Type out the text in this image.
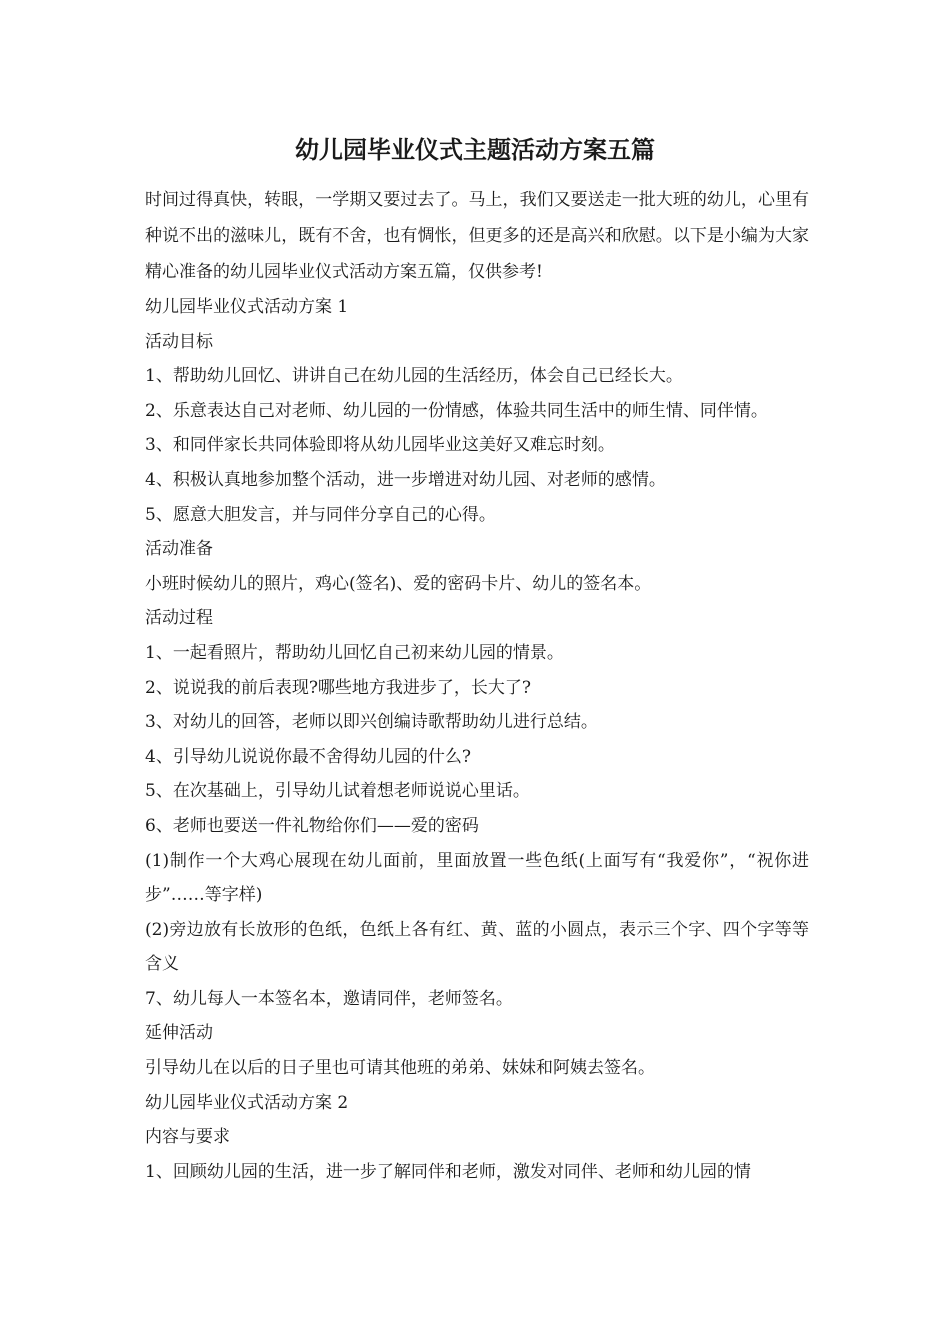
幼儿园毕业仪式主题活动方案五篇

时间过得真快，转眼，一学期又要过去了。马上，我们又要送走一批大班的幼儿，心里有种说不出的滋味儿，既有不舍，也有惆怅，但更多的还是高兴和欣慰。以下是小编为大家精心准备的幼儿园毕业仪式活动方案五篇，仅供参考!

幼儿园毕业仪式活动方案 1

活动目标

1、帮助幼儿回忆、讲讲自己在幼儿园的生活经历，体会自己已经长大。

2、乐意表达自己对老师、幼儿园的一份情感，体验共同生活中的师生情、同伴情。

3、和同伴家长共同体验即将从幼儿园毕业这美好又难忘时刻。

4、积极认真地参加整个活动，进一步增进对幼儿园、对老师的感情。

5、愿意大胆发言，并与同伴分享自己的心得。

活动准备

小班时候幼儿的照片，鸡心(签名)、爱的密码卡片、幼儿的签名本。

活动过程

1、一起看照片，帮助幼儿回忆自己初来幼儿园的情景。

2、说说我的前后表现?哪些地方我进步了，长大了?

3、对幼儿的回答，老师以即兴创编诗歌帮助幼儿进行总结。

4、引导幼儿说说你最不舍得幼儿园的什么?

5、在次基础上，引导幼儿试着想老师说说心里话。

6、老师也要送一件礼物给你们——爱的密码

(1)制作一个大鸡心展现在幼儿面前，里面放置一些色纸(上面写有“我爱你”，“祝你进步”……等字样)

(2)旁边放有长放形的色纸，色纸上各有红、黄、蓝的小圆点，表示三个字、四个字等等含义

7、幼儿每人一本签名本，邀请同伴，老师签名。

延伸活动

引导幼儿在以后的日子里也可请其他班的弟弟、妹妹和阿姨去签名。

幼儿园毕业仪式活动方案 2

内容与要求

1、回顾幼儿园的生活，进一步了解同伴和老师，激发对同伴、老师和幼儿园的情
